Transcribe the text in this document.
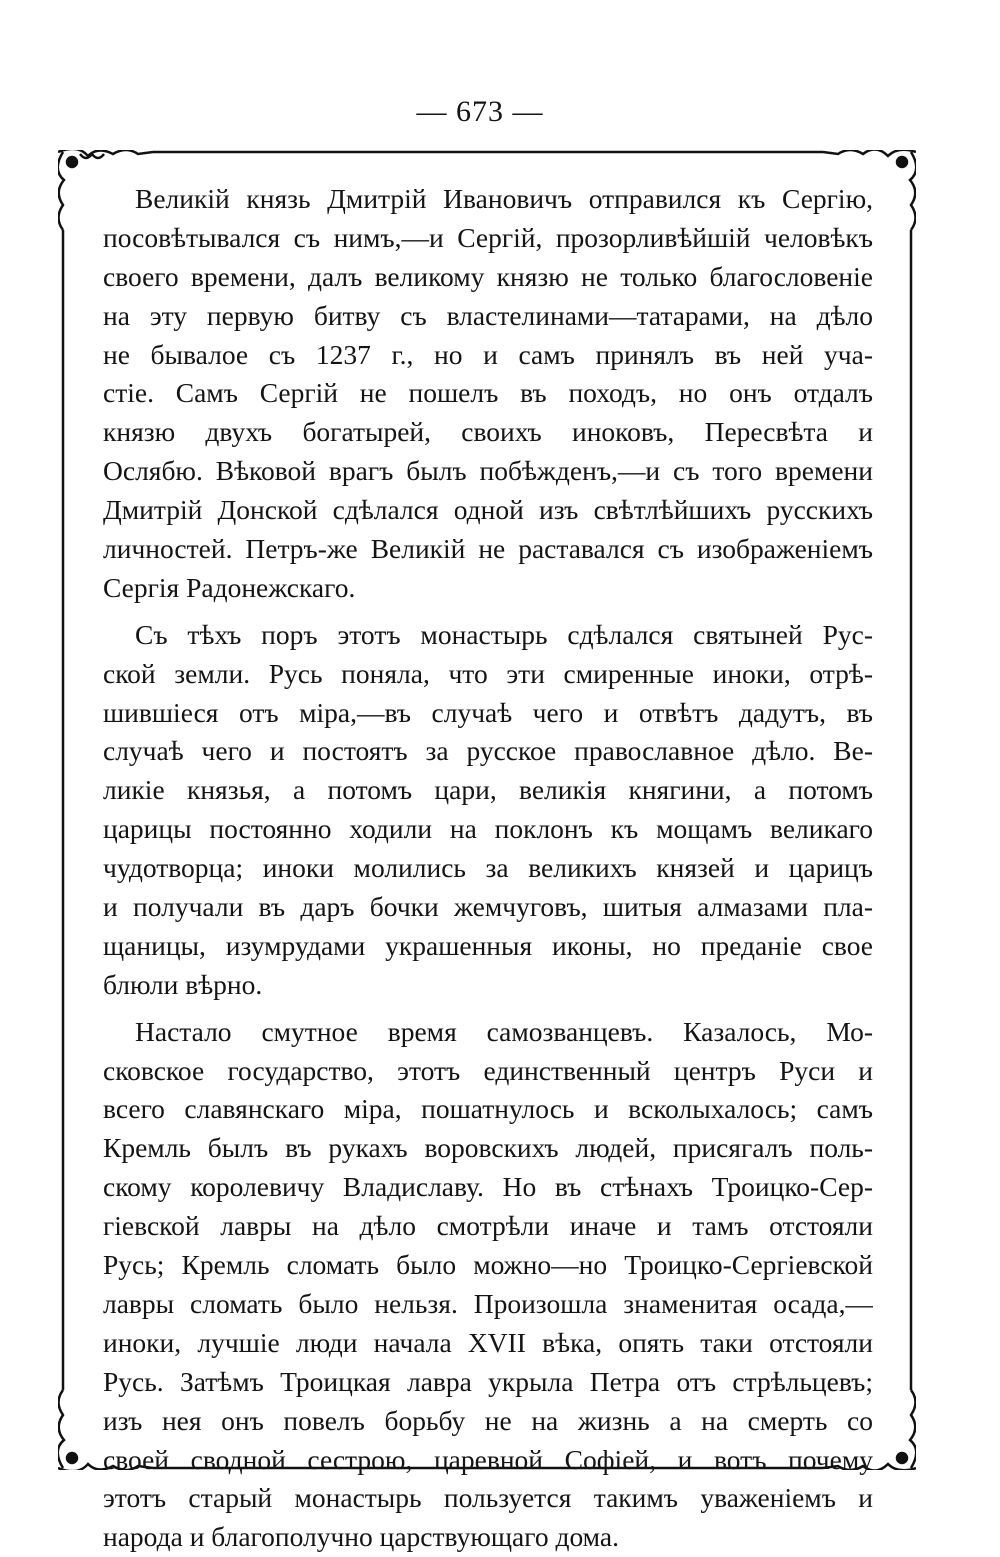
— 673 —
Великій князь Дмитрій Ивановичъ отправился къ Сергію,
посовѣтывался съ нимъ,—и Сергій, прозорливѣйшій человѣкъ
своего времени, далъ великому князю не только благословеніе
на эту первую битву съ властелинами—татарами, на дѣло
не бывалое съ 1237 г., но и самъ принялъ въ ней уча-
стіе. Самъ Сергій не пошелъ въ походъ, но онъ отдалъ
князю двухъ богатырей, своихъ иноковъ, Пересвѣта и
Ослябю. Вѣковой врагъ былъ побѣжденъ,—и съ того времени
Дмитрій Донской сдѣлался одной изъ свѣтлѣйшихъ русскихъ
личностей. Петръ-же Великій не раставался съ изображеніемъ
Сергія Радонежскаго.
Съ тѣхъ поръ этотъ монастырь сдѣлался святыней Рус-
ской земли. Русь поняла, что эти смиренные иноки, отрѣ-
шившіеся отъ міра,—въ случаѣ чего и отвѣтъ дадутъ, въ
случаѣ чего и постоятъ за русское православное дѣло. Ве-
ликіе князья, а потомъ цари, великія княгини, а потомъ
царицы постоянно ходили на поклонъ къ мощамъ великаго
чудотворца; иноки молились за великихъ князей и царицъ
и получали въ даръ бочки жемчуговъ, шитыя алмазами пла-
щаницы, изумрудами украшенныя иконы, но преданіе свое
блюли вѣрно.
Настало смутное время самозванцевъ. Казалось, Мо-
сковское государство, этотъ единственный центръ Руси и
всего славянскаго міра, пошатнулось и всколыхалось; самъ
Кремль былъ въ рукахъ воровскихъ людей, присягалъ поль-
скому королевичу Владиславу. Но въ стѣнахъ Троицко-Сер-
гіевской лавры на дѣло смотрѣли иначе и тамъ отстояли
Русь; Кремль сломать было можно—но Троицко-Сергіевской
лавры сломать было нельзя. Произошла знаменитая осада,—
иноки, лучшіе люди начала XVII вѣка, опять таки отстояли
Русь. Затѣмъ Троицкая лавра укрыла Петра отъ стрѣльцевъ;
изъ нея онъ повелъ борьбу не на жизнь а на смерть со
своей сводной сестрою, царевной Софіей, и вотъ почему
этотъ старый монастырь пользуется такимъ уваженіемъ и
народа и благополучно царствующаго дома.
